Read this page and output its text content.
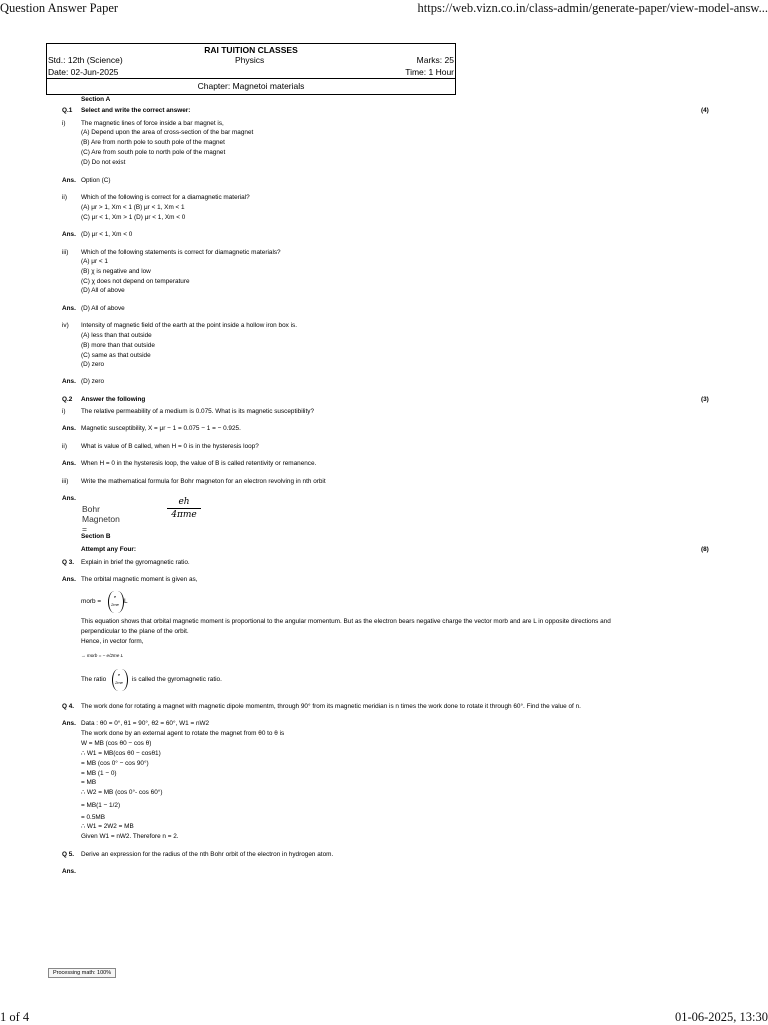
Question Answer Paper	https://web.vizn.co.in/class-admin/generate-paper/view-model-answ...
1 of 4	01-06-2025, 13:30
RAI TUITION CLASSES
Std.: 12th (Science)	Physics	Marks: 25
Date: 02-Jun-2025	Time: 1 Hour
Chapter: Magnetoi materials
Section A
Q.1 Select and write the correct answer:	(4)
i) The magnetic lines of force inside a bar magnet is,
(A) Depend upon the area of cross-section of the bar magnet
(B) Are from north pole to south pole of the magnet
(C) Are from south pole to north pole of the magnet
(D) Do not exist
Ans. Option (C)
ii) Which of the following is correct for a diamagnetic material?
(A) μr > 1, Xm < 1 (B) μr < 1, Xm < 1
(C) μr < 1, Xm > 1 (D) μr < 1, Xm < 0
Ans. (D) μr < 1, Xm < 0
iii) Which of the following statements is correct for diamagnetic materials?
(A) μr < 1
(B) χ is negative and low
(C) χ does not depend on temperature
(D) All of above
Ans. (D) All of above
iv) Intensity of magnetic field of the earth at the point inside a hollow iron box is.
(A) less than that outside
(B) more than that outside
(C) same as that outside
(D) zero
Ans. (D) zero
Q.2 Answer the following	(3)
i) The relative permeability of a medium is 0.075. What is its magnetic susceptibility?
Ans. Magnetic susceptibility, X = μr − 1 = 0.075 − 1 = − 0.925.
ii) What is value of B called, when H = 0 is in the hysteresis loop?
Ans. When H = 0 in the hysteresis loop, the value of B is called retentivity or remanence.
iii) Write the mathematical formula for Bohr magneton for an electron revolving in nth orbit
Ans.
Bohr Magneton =
eh
4πme
Section B
Attempt any Four:	(8)
Q 3. Explain in brief the gyromagnetic ratio.
Ans. The orbital magnetic moment is given as,
morb =
e
2me L
This equation shows that orbital magnetic moment is proportional to the angular momentum. But as the electron bears negative charge the vector morb and are L in opposite directions and
perpendicular to the plane of the orbit.
Hence, in vector form,
→ morb = − e/2me L
The ratio
e
2me	is called the gyromagnetic ratio.
Q 4. The work done for rotating a magnet with magnetic dipole momentm, through 90° from its magnetic meridian is n times the work done to rotate it through 60°. Find the value of n.
Ans. Data : θ0 = 0°, θ1 = 90°, θ2 = 60°, W1 = nW2
The work done by an external agent to rotate the magnet from θ0 to θ is
W = MB (cos θ0 − cos θ)
∴ W1 = MB(cos θ0 − cosθ1)
= MB (cos 0° − cos 90°)
= MB (1 − 0)
= MB
∴ W2 = MB (cos 0°- cos 60°)
= MB(1 − 1/2)
= 0.5MB
∴ W1 = 2W2 = MB
Given W1 = nW2. Therefore n = 2.
Q 5. Derive an expression for the radius of the nth Bohr orbit of the electron in hydrogen atom.
Ans.
Processing math: 100%
